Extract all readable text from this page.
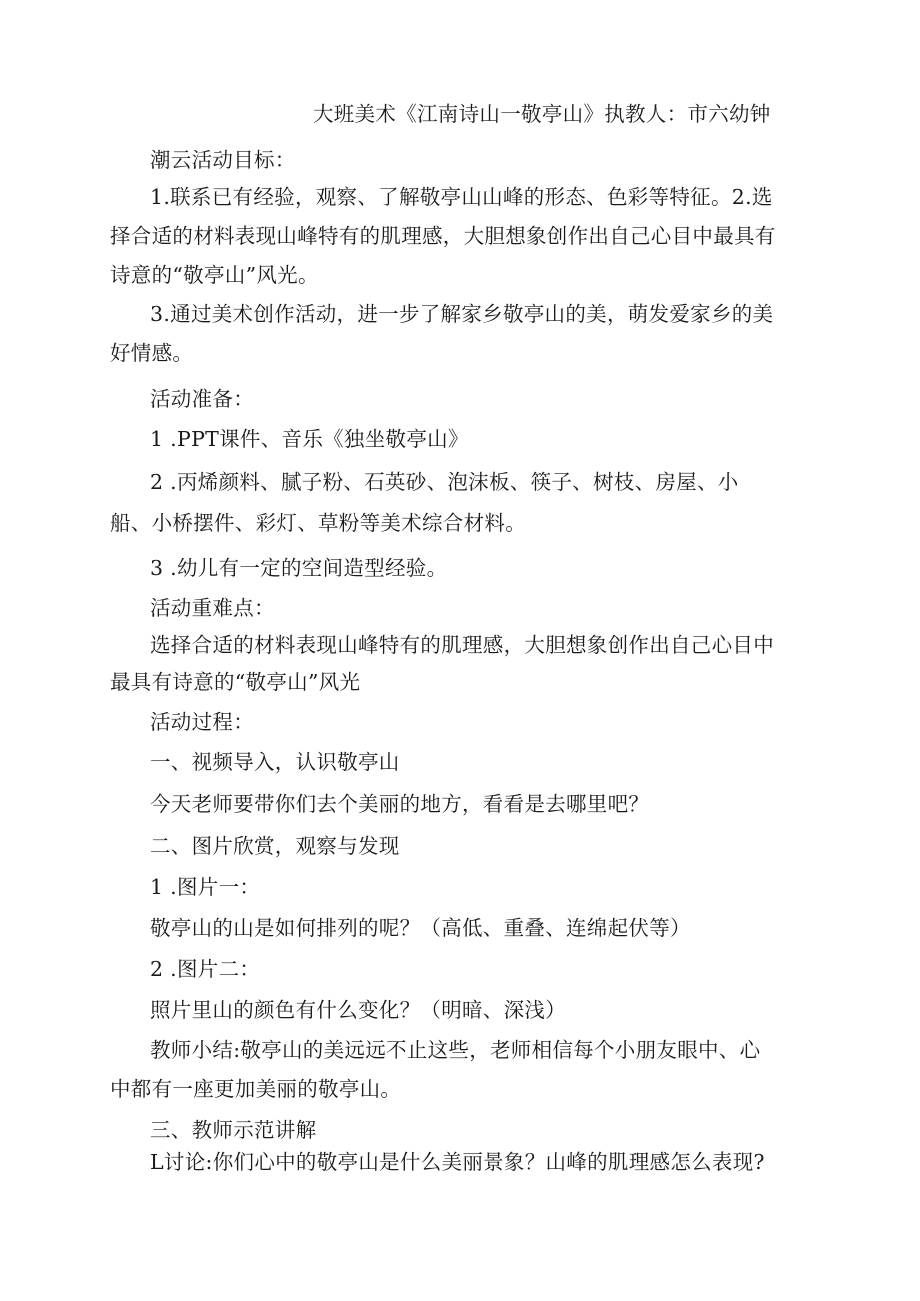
大班美术《江南诗山一敬亭山》执教人：市六幼钟
潮云活动目标：
1.联系已有经验，观察、了解敬亭山山峰的形态、色彩等特征。2.选
择合适的材料表现山峰特有的肌理感，大胆想象创作出自己心目中最具有
诗意的“敬亭山”风光。
3.通过美术创作活动，进一步了解家乡敬亭山的美，萌发爱家乡的美
好情感。
活动准备：
1 .PPT课件、音乐《独坐敬亭山》
2 .丙烯颜料、腻子粉、石英砂、泡沫板、筷子、树枝、房屋、小
船、小桥摆件、彩灯、草粉等美术综合材料。
3 .幼儿有一定的空间造型经验。
活动重难点：
选择合适的材料表现山峰特有的肌理感，大胆想象创作出自己心目中
最具有诗意的“敬亭山”风光
活动过程：
一、视频导入，认识敬亭山
今天老师要带你们去个美丽的地方，看看是去哪里吧？
二、图片欣赏，观察与发现
1 .图片一：
敬亭山的山是如何排列的呢？（高低、重叠、连绵起伏等）
2 .图片二：
照片里山的颜色有什么变化？（明暗、深浅）
教师小结:敬亭山的美远远不止这些，老师相信每个小朋友眼中、心
中都有一座更加美丽的敬亭山。
三、教师示范讲解
L讨论:你们心中的敬亭山是什么美丽景象？山峰的肌理感怎么表现?
